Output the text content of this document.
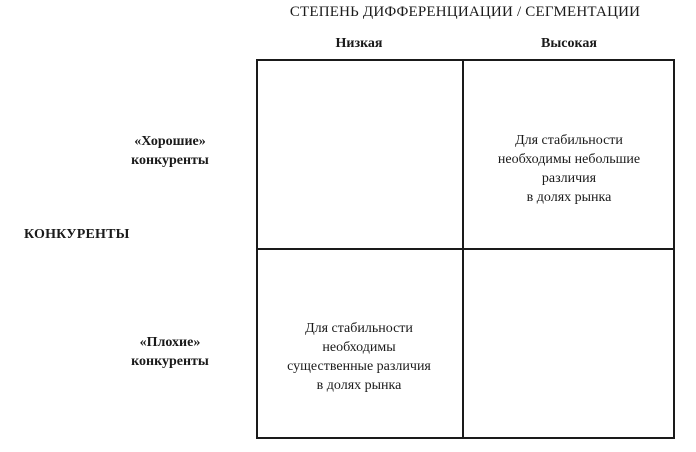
СТЕПЕНЬ ДИФФЕРЕНЦИАЦИИ / СЕГМЕНТАЦИИ
Низкая	Высокая
«Хорошие»
конкуренты
КОНКУРЕНТЫ
«Плохие»
конкуренты
Для стабильности
необходимы небольшие
различия
в долях рынка
Для стабильности
необходимы
существенные различия
в долях рынка
